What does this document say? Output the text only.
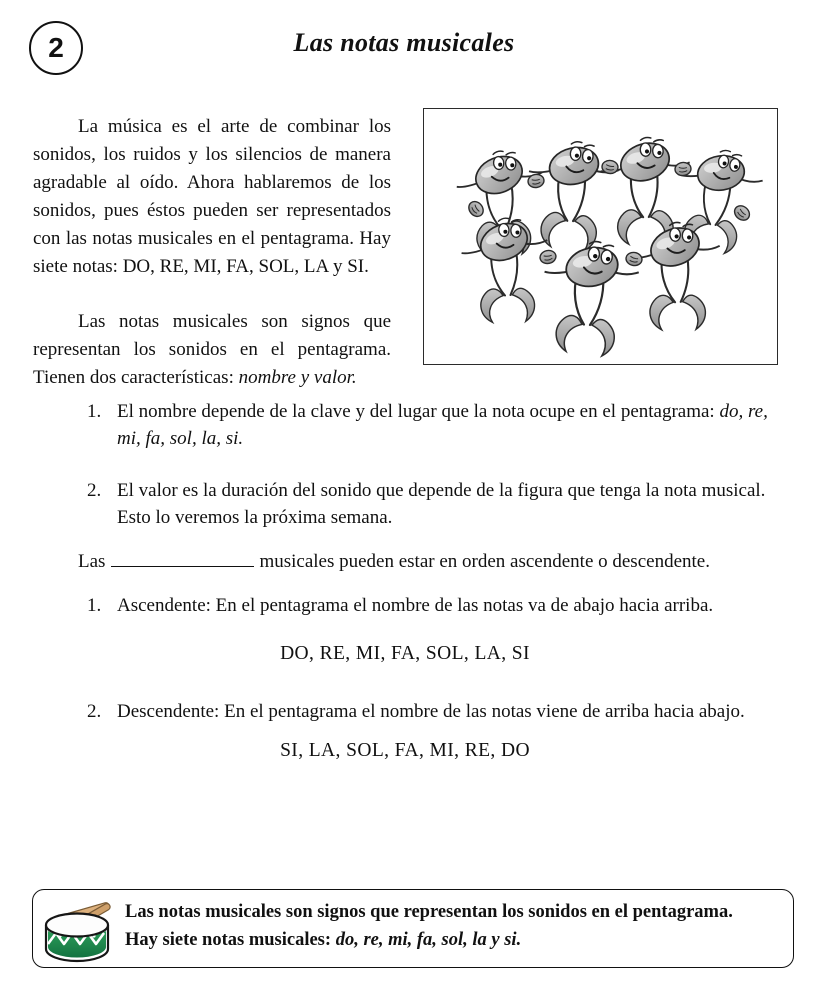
2	Las notas musicales

La música es el arte de combinar los sonidos, los ruidos y los silencios de manera agradable al oído. Ahora hablaremos de los sonidos, pues éstos pueden ser representados con las notas musicales en el pentagrama. Hay siete notas: DO, RE, MI, FA, SOL, LA y SI.

Las notas musicales son signos que representan los sonidos en el pentagrama. Tienen dos características: nombre y valor.

1. El nombre depende de la clave y del lugar que la nota ocupe en el pentagrama: do, re, mi, fa, sol, la, si.
2. El valor es la duración del sonido que depende de la figura que tenga la nota musical. Esto lo veremos la próxima semana.
Las	musicales pueden estar en orden ascendente o descendente.
1. Ascendente: En el pentagrama el nombre de las notas va de abajo hacia arriba.
DO, RE, MI, FA, SOL, LA, SI
2. Descendente: En el pentagrama el nombre de las notas viene de arriba hacia abajo.
SI, LA, SOL, FA, MI, RE, DO
Las notas musicales son signos que representan los sonidos en el pentagrama.
Hay siete notas musicales: do, re, mi, fa, sol, la y si.
